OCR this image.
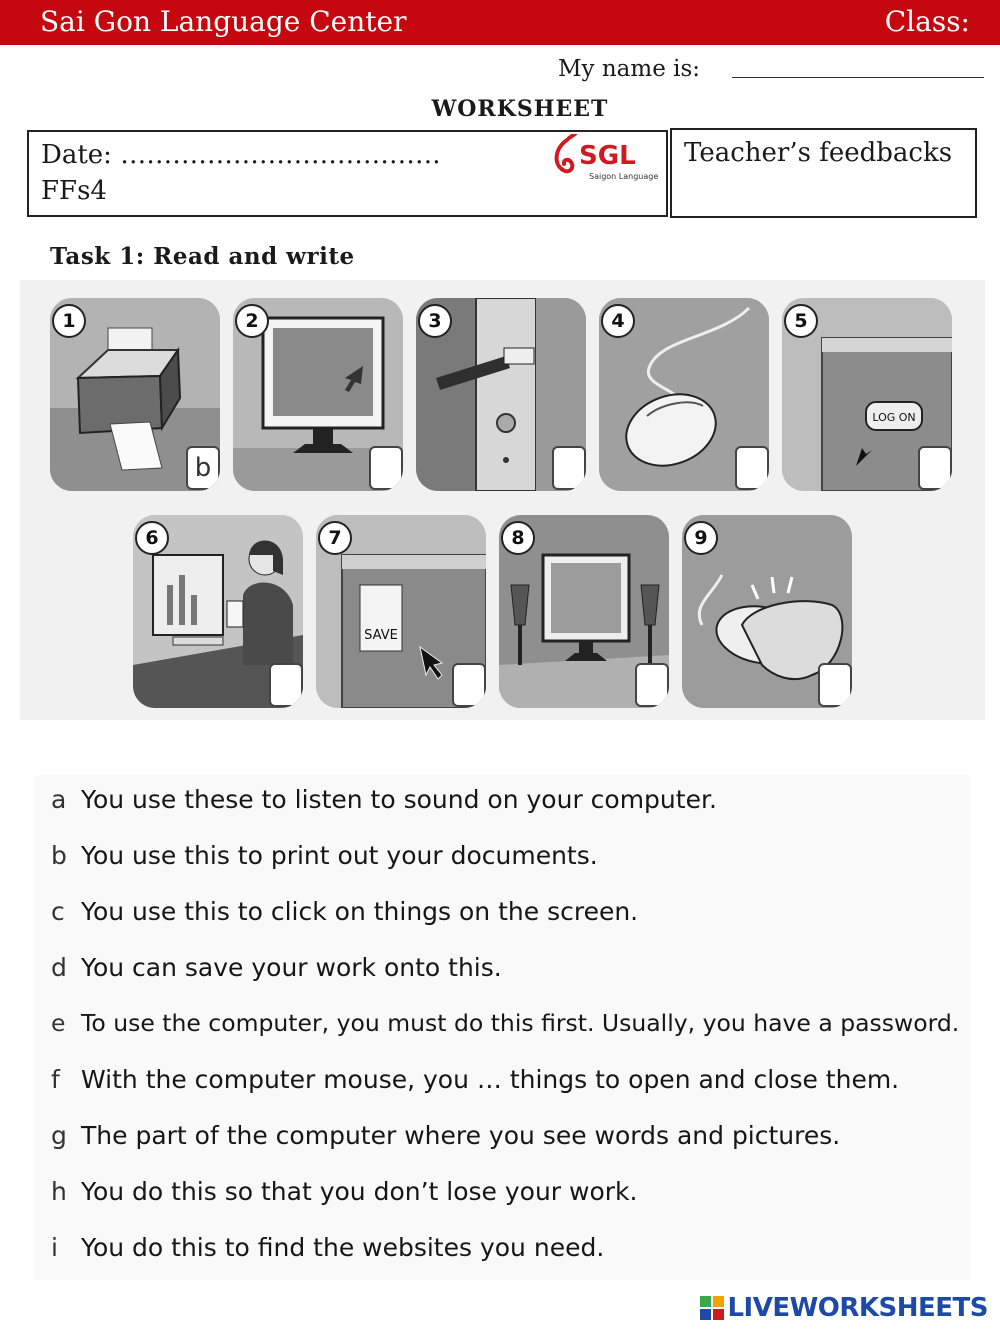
Sai Gon Language Center	Class:
My name is:
WORKSHEET
Date: ……………………………….
FFs4
SGL
Saigon Language
Teacher’s feedbacks
Task 1: Read and write
1
b
2	3	4
LOG ON
5
6
SAVE
7	8	9
a You use these to listen to sound on your computer.
b You use this to print out your documents.
c You use this to click on things on the screen.
d You can save your work onto this.
e To use the computer, you must do this first. Usually, you have a password.
f With the computer mouse, you … things to open and close them.
g The part of the computer where you see words and pictures.
h You do this so that you don’t lose your work.
i You do this to find the websites you need.
LIVEWORKSHEETS
